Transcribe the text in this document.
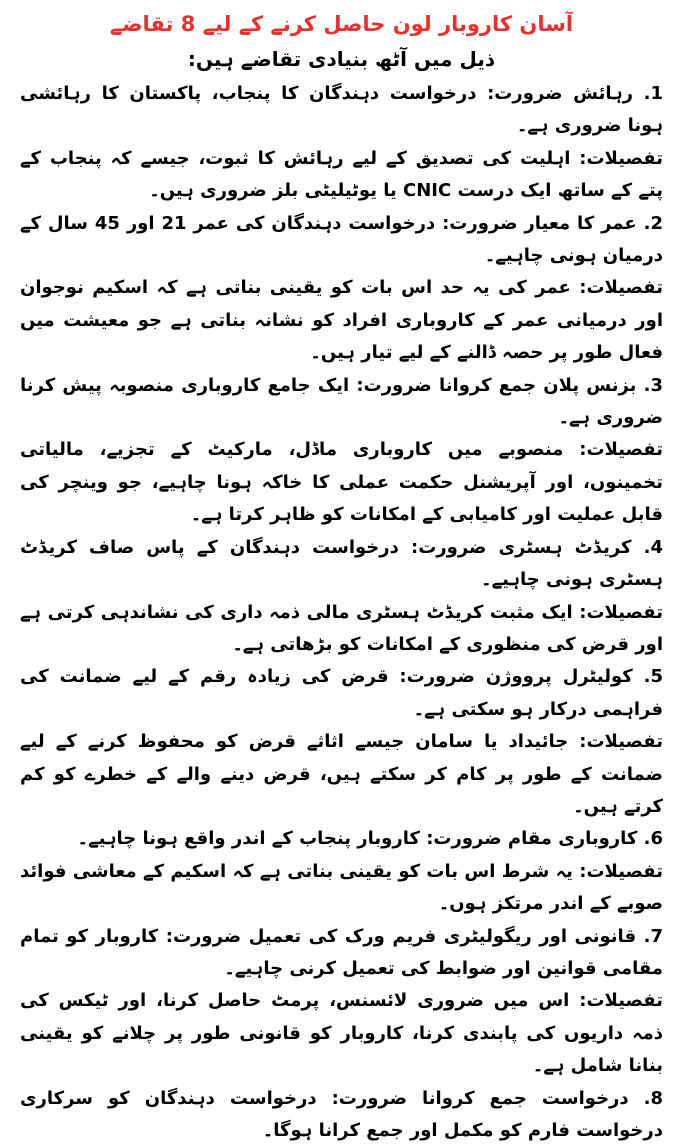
آسان کاروبار لون حاصل کرنے کے لیے 8 تقاضے

ذیل میں آٹھ بنیادی تقاضے ہیں:

1. رہائش ضرورت: درخواست دہندگان کا پنجاب، پاکستان کا رہائشی ہونا ضروری ہے۔

تفصیلات: اہلیت کی تصدیق کے لیے رہائش کا ثبوت، جیسے کہ پنجاب کے پتے کے ساتھ ایک درست CNIC یا یوٹیلیٹی بلز ضروری ہیں۔

2. عمر کا معیار ضرورت: درخواست دہندگان کی عمر 21 اور 45 سال کے درمیان ہونی چاہیے۔

تفصیلات: عمر کی یہ حد اس بات کو یقینی بناتی ہے کہ اسکیم نوجوان اور درمیانی عمر کے کاروباری افراد کو نشانہ بناتی ہے جو معیشت میں فعال طور پر حصہ ڈالنے کے لیے تیار ہیں۔

3. بزنس پلان جمع کروانا ضرورت: ایک جامع کاروباری منصوبہ پیش کرنا ضروری ہے۔

تفصیلات: منصوبے میں کاروباری ماڈل، مارکیٹ کے تجزیے، مالیاتی تخمینوں، اور آپریشنل حکمت عملی کا خاکہ ہونا چاہیے، جو وینچر کی قابل عملیت اور کامیابی کے امکانات کو ظاہر کرتا ہے۔

4. کریڈٹ ہسٹری ضرورت: درخواست دہندگان کے پاس صاف کریڈٹ ہسٹری ہونی چاہیے۔

تفصیلات: ایک مثبت کریڈٹ ہسٹری مالی ذمہ داری کی نشاندہی کرتی ہے اور قرض کی منظوری کے امکانات کو بڑھاتی ہے۔

5. کولیٹرل پرووژن ضرورت: قرض کی زیادہ رقم کے لیے ضمانت کی فراہمی درکار ہو سکتی ہے۔

تفصیلات: جائیداد یا سامان جیسے اثاثے قرض کو محفوظ کرنے کے لیے ضمانت کے طور پر کام کر سکتے ہیں، قرض دینے والے کے خطرے کو کم کرتے ہیں۔

6. کاروباری مقام ضرورت: کاروبار پنجاب کے اندر واقع ہونا چاہیے۔

تفصیلات: یہ شرط اس بات کو یقینی بناتی ہے کہ اسکیم کے معاشی فوائد صوبے کے اندر مرتکز ہوں۔

7. قانونی اور ریگولیٹری فریم ورک کی تعمیل ضرورت: کاروبار کو تمام مقامی قوانین اور ضوابط کی تعمیل کرنی چاہیے۔

تفصیلات: اس میں ضروری لائسنس، پرمٹ حاصل کرنا، اور ٹیکس کی ذمہ داریوں کی پابندی کرنا، کاروبار کو قانونی طور پر چلانے کو یقینی بنانا شامل ہے۔

8. درخواست جمع کروانا ضرورت: درخواست دہندگان کو سرکاری درخواست فارم کو مکمل اور جمع کرانا ہوگا۔
